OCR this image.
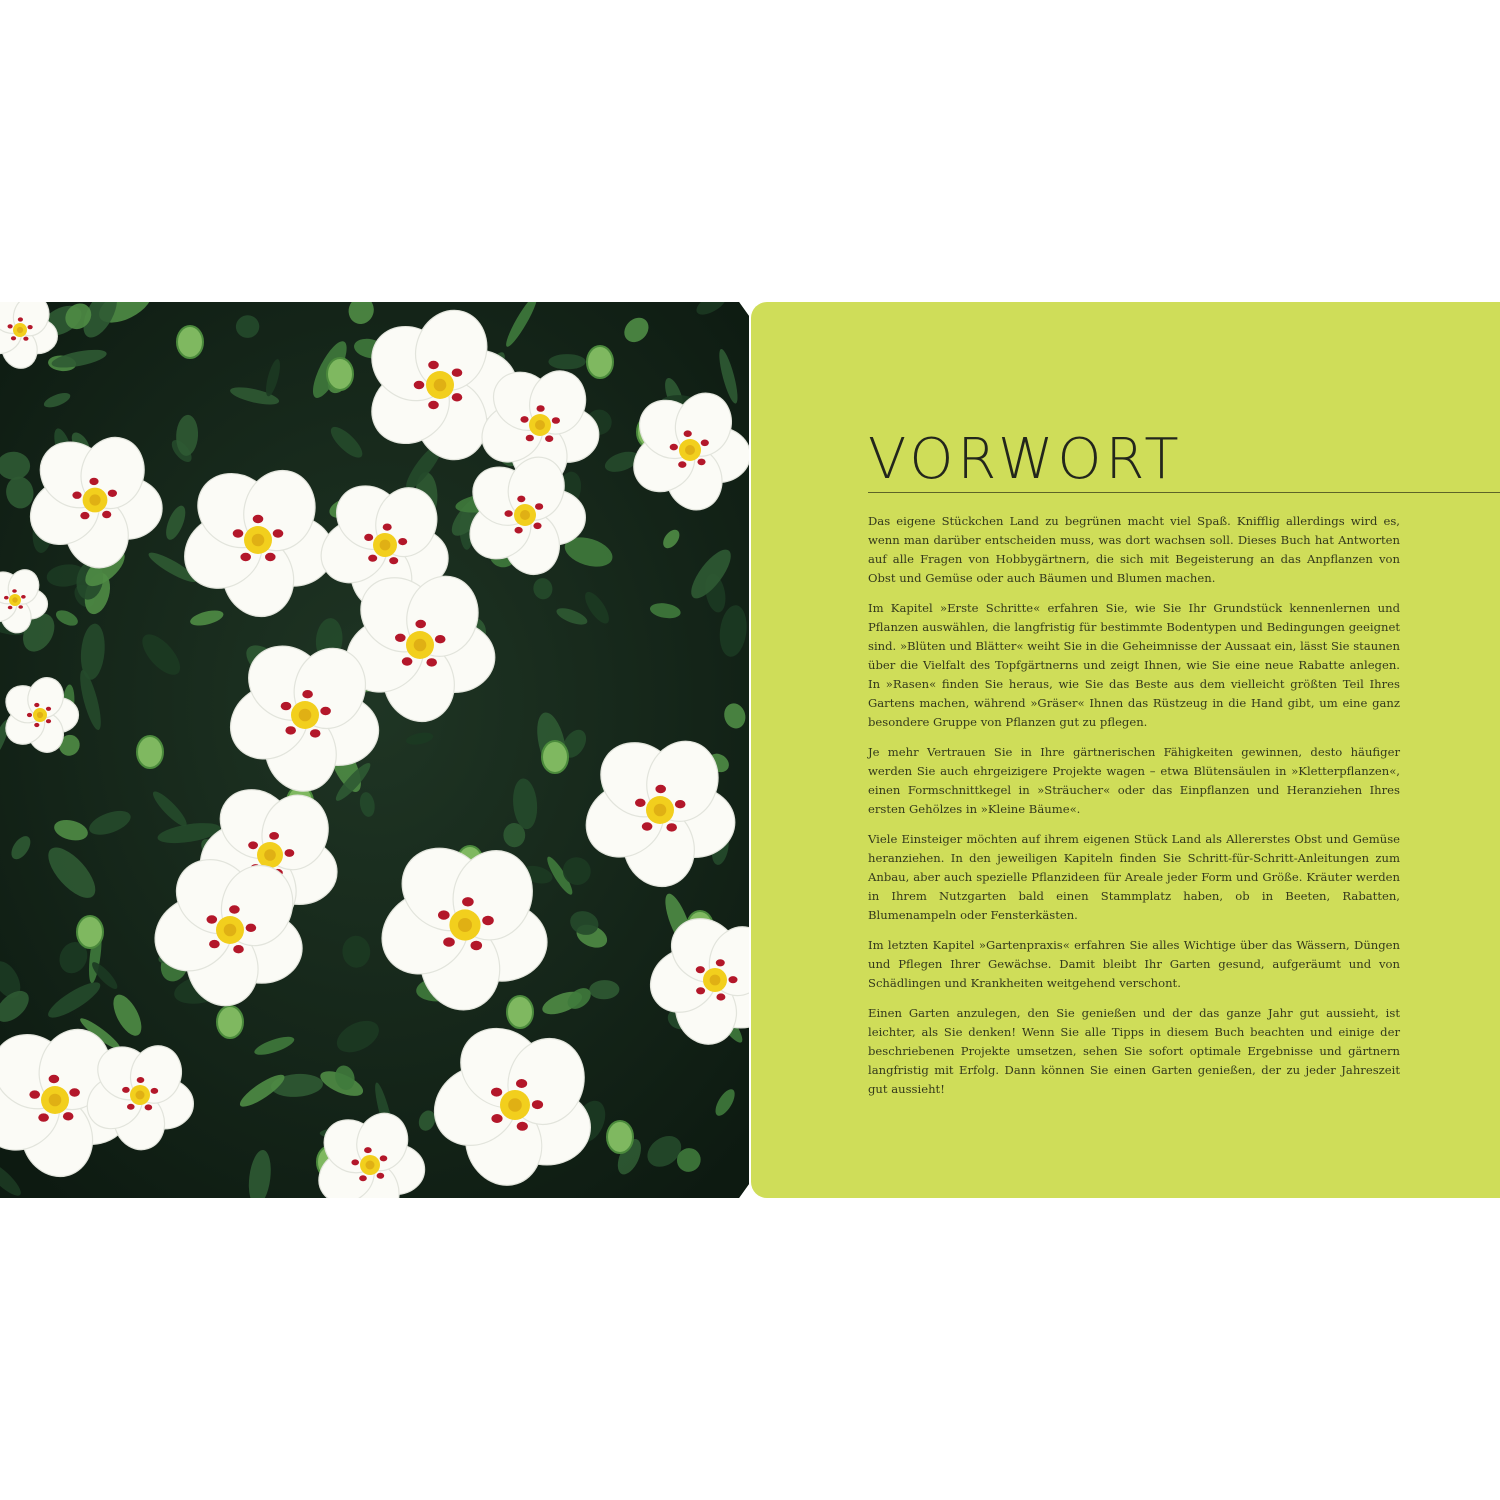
VORWORT

Das eigene Stückchen Land zu begrünen macht viel Spaß. Knifflig allerdings wird es, wenn man darüber entscheiden muss, was dort wachsen soll. Dieses Buch hat Antworten auf alle Fragen von Hobbygärtnern, die sich mit Begeisterung an das Anpflanzen von Obst und Gemüse oder auch Bäumen und Blumen machen.

Im Kapitel »Erste Schritte« erfahren Sie, wie Sie Ihr Grundstück kennenlernen und Pflanzen auswählen, die langfristig für bestimmte Bodentypen und Bedingungen geeignet sind. »Blüten und Blätter« weiht Sie in die Geheimnisse der Aussaat ein, lässt Sie staunen über die Vielfalt des Topfgärtnerns und zeigt Ihnen, wie Sie eine neue Rabatte anlegen. In »Rasen« finden Sie heraus, wie Sie das Beste aus dem vielleicht größten Teil Ihres Gartens machen, während »Gräser« Ihnen das Rüstzeug in die Hand gibt, um eine ganz besondere Gruppe von Pflanzen gut zu pflegen.

Je mehr Vertrauen Sie in Ihre gärtnerischen Fähigkeiten gewinnen, desto häufiger werden Sie auch ehrgeizigere Projekte wagen – etwa Blütensäulen in »Kletterpflanzen«, einen Formschnittkegel in »Sträucher« oder das Einpflanzen und Heranziehen Ihres ersten Gehölzes in »Kleine Bäume«.

Viele Einsteiger möchten auf ihrem eigenen Stück Land als Allererstes Obst und Gemüse heranziehen. In den jeweiligen Kapiteln finden Sie Schritt-für-Schritt-Anleitungen zum Anbau, aber auch spezielle Pflanzideen für Areale jeder Form und Größe. Kräuter werden in Ihrem Nutzgarten bald einen Stammplatz haben, ob in Beeten, Rabatten, Blumenampeln oder Fensterkästen.

Im letzten Kapitel »Gartenpraxis« erfahren Sie alles Wichtige über das Wässern, Düngen und Pflegen Ihrer Gewächse. Damit bleibt Ihr Garten gesund, aufgeräumt und von Schädlingen und Krankheiten weitgehend verschont.

Einen Garten anzulegen, den Sie genießen und der das ganze Jahr gut aussieht, ist leichter, als Sie denken! Wenn Sie alle Tipps in diesem Buch beachten und einige der beschriebenen Projekte umsetzen, sehen Sie sofort optimale Ergebnisse und gärtnern langfristig mit Erfolg. Dann können Sie einen Garten genießen, der zu jeder Jahreszeit gut aussieht!
